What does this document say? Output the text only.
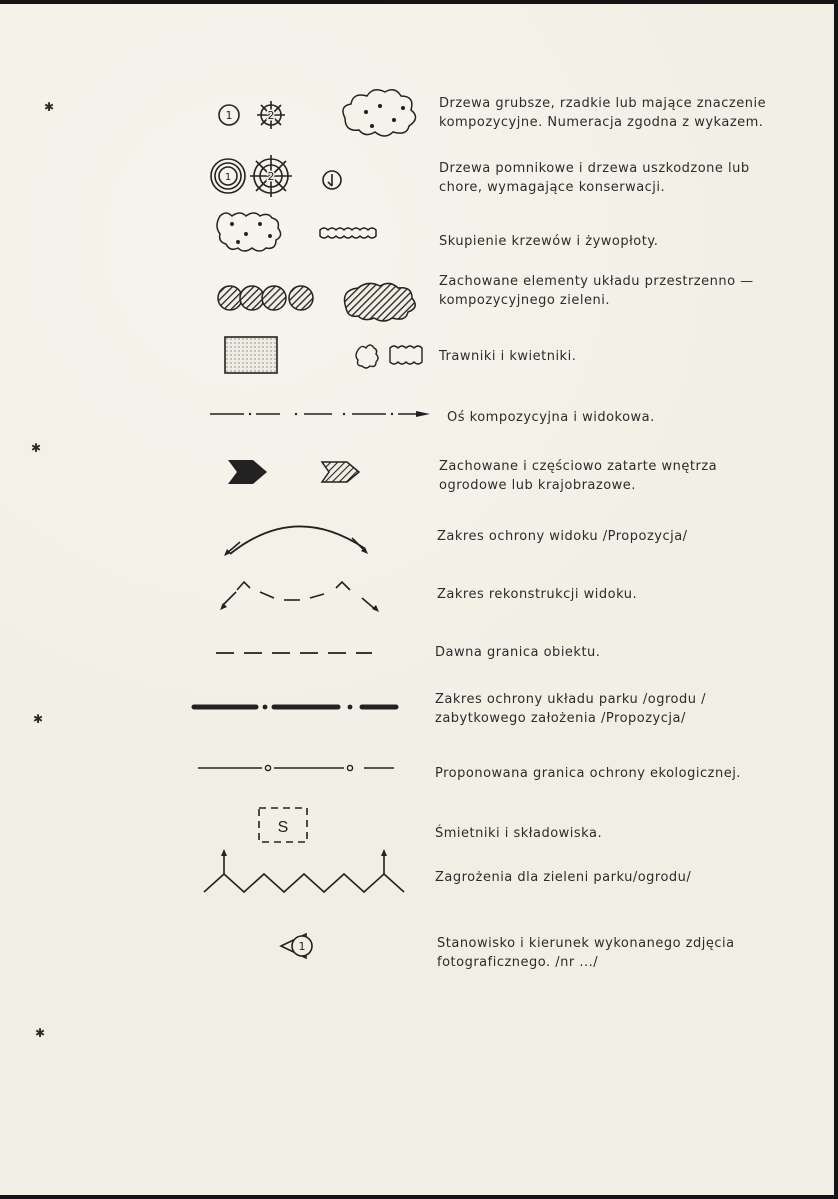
✱
✱
✱
✱
1	2
Drzewa grubsze, rzadkie lub mające znaczenie
kompozycyjne. Numeracja zgodna z wykazem.
1	2
Drzewa pomnikowe i drzewa uszkodzone lub
chore, wymagające konserwacji.
Skupienie krzewów i żywopłoty.
Zachowane elementy układu przestrzenno —
kompozycyjnego zieleni.
Trawniki i kwietniki.
Oś kompozycyjna i widokowa.
Zachowane i częściowo zatarte wnętrza
ogrodowe lub krajobrazowe.
Zakres ochrony widoku /Propozycja/
Zakres rekonstrukcji widoku.
Dawna granica obiektu.
Zakres ochrony układu parku /ogrodu /
zabytkowego założenia /Propozycja/
Proponowana granica ochrony ekologicznej.
S	Śmietniki i składowiska.
Zagrożenia dla zieleni parku/ogrodu/
1	Stanowisko i kierunek wykonanego zdjęcia
fotograficznego. /nr .../
